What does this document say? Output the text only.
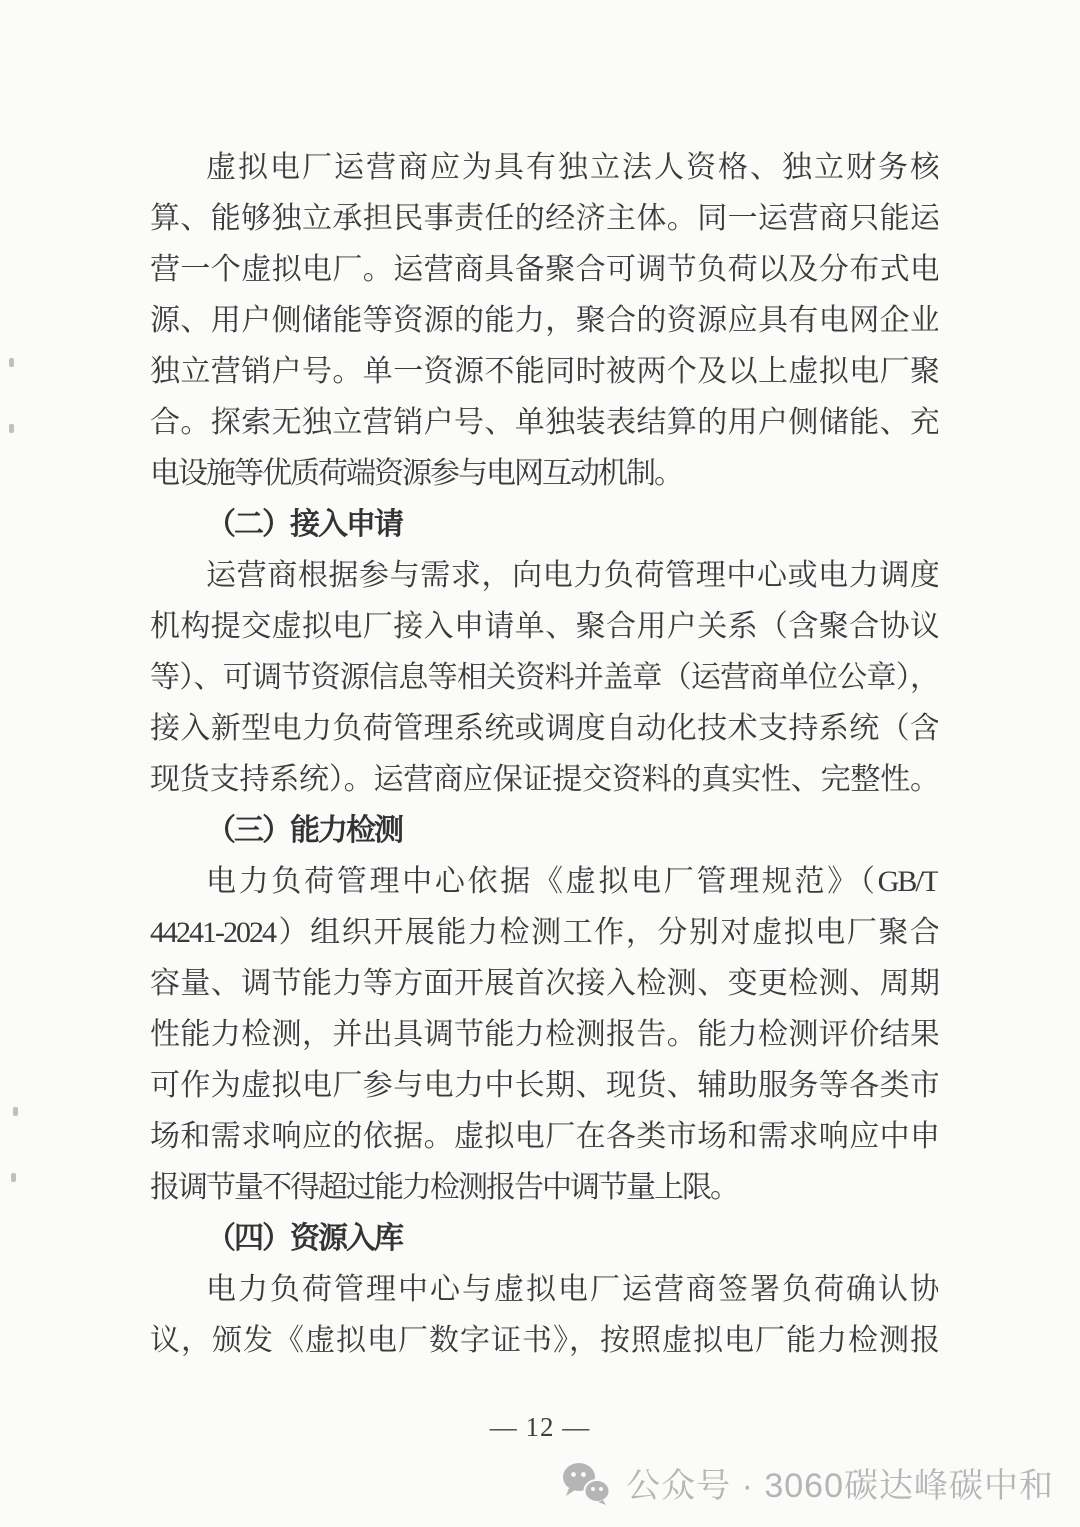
虚拟电厂运营商应为具有独立法人资格、独立财务核
算、能够独立承担民事责任的经济主体。同一运营商只能运
营一个虚拟电厂。运营商具备聚合可调节负荷以及分布式电
源、用户侧储能等资源的能力，聚合的资源应具有电网企业
独立营销户号。单一资源不能同时被两个及以上虚拟电厂聚
合。探索无独立营销户号、单独装表结算的用户侧储能、充
电设施等优质荷端资源参与电网互动机制。
（二）接入申请
运营商根据参与需求，向电力负荷管理中心或电力调度
机构提交虚拟电厂接入申请单、聚合用户关系（含聚合协议
等）、可调节资源信息等相关资料并盖章（运营商单位公章），
接入新型电力负荷管理系统或调度自动化技术支持系统（含
现货支持系统）。运营商应保证提交资料的真实性、完整性。
（三）能力检测
电力负荷管理中心依据《虚拟电厂管理规范》（GB/T
44241-2024）组织开展能力检测工作，分别对虚拟电厂聚合
容量、调节能力等方面开展首次接入检测、变更检测、周期
性能力检测，并出具调节能力检测报告。能力检测评价结果
可作为虚拟电厂参与电力中长期、现货、辅助服务等各类市
场和需求响应的依据。虚拟电厂在各类市场和需求响应中申
报调节量不得超过能力检测报告中调节量上限。
（四）资源入库
电力负荷管理中心与虚拟电厂运营商签署负荷确认协
议，颁发《虚拟电厂数字证书》，按照虚拟电厂能力检测报
— 12 —
公众号 · 3060碳达峰碳中和
